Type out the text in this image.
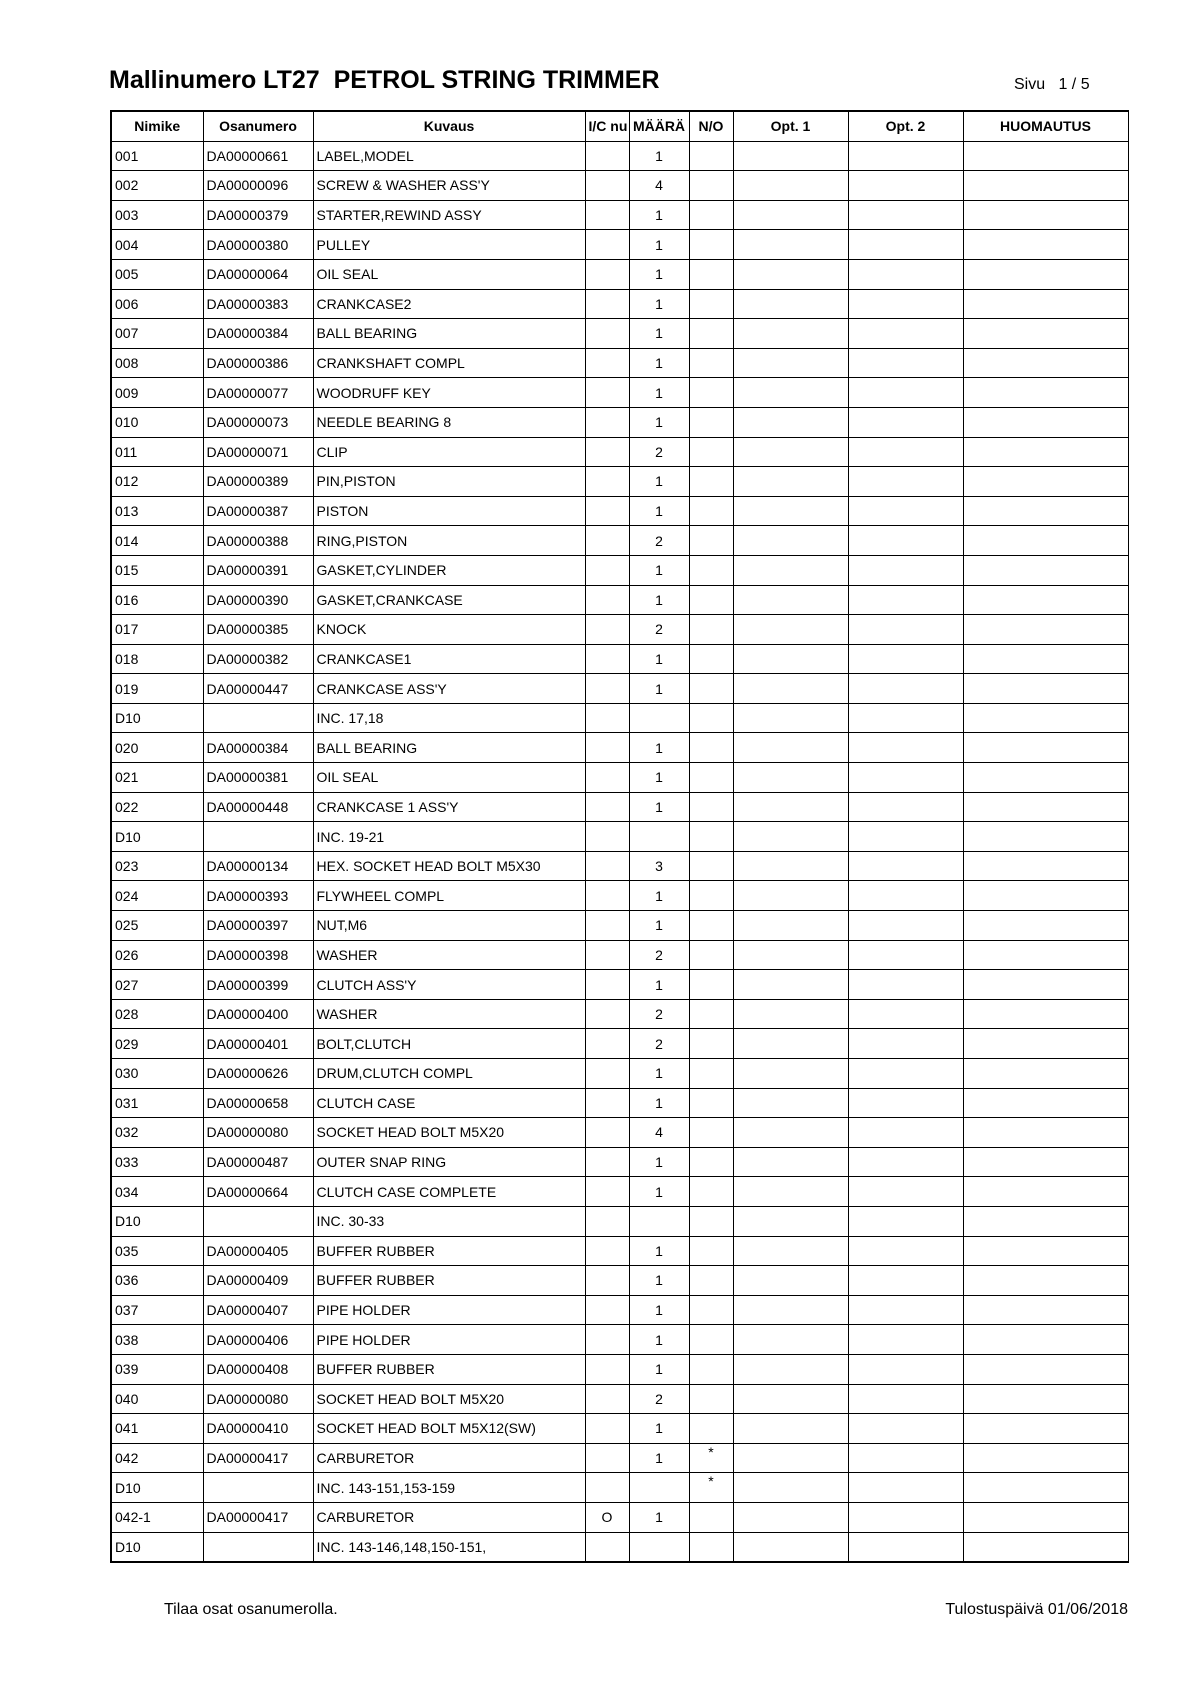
Mallinumero LT27  PETROL STRING TRIMMER	Sivu   1 / 5
Nimike	Osanumero	Kuvaus	I/C nu	MÄÄRÄ	N/O	Opt. 1	Opt. 2	HUOMAUTUS
001	DA00000661	LABEL,MODEL		1				
002	DA00000096	SCREW & WASHER ASS'Y		4				
003	DA00000379	STARTER,REWIND ASSY		1				
004	DA00000380	PULLEY		1				
005	DA00000064	OIL SEAL		1				
006	DA00000383	CRANKCASE2		1				
007	DA00000384	BALL BEARING		1				
008	DA00000386	CRANKSHAFT COMPL		1				
009	DA00000077	WOODRUFF KEY		1				
010	DA00000073	NEEDLE BEARING 8		1				
011	DA00000071	CLIP		2				
012	DA00000389	PIN,PISTON		1				
013	DA00000387	PISTON		1				
014	DA00000388	RING,PISTON		2				
015	DA00000391	GASKET,CYLINDER		1				
016	DA00000390	GASKET,CRANKCASE		1				
017	DA00000385	KNOCK		2				
018	DA00000382	CRANKCASE1		1				
019	DA00000447	CRANKCASE ASS'Y		1				
D10		INC. 17,18						
020	DA00000384	BALL BEARING		1				
021	DA00000381	OIL SEAL		1				
022	DA00000448	CRANKCASE 1 ASS'Y		1				
D10		INC. 19-21						
023	DA00000134	HEX. SOCKET HEAD BOLT M5X30		3				
024	DA00000393	FLYWHEEL COMPL		1				
025	DA00000397	NUT,M6		1				
026	DA00000398	WASHER		2				
027	DA00000399	CLUTCH ASS'Y		1				
028	DA00000400	WASHER		2				
029	DA00000401	BOLT,CLUTCH		2				
030	DA00000626	DRUM,CLUTCH COMPL		1				
031	DA00000658	CLUTCH CASE		1				
032	DA00000080	SOCKET HEAD BOLT M5X20		4				
033	DA00000487	OUTER SNAP RING		1				
034	DA00000664	CLUTCH CASE COMPLETE		1				
D10		INC. 30-33						
035	DA00000405	BUFFER RUBBER		1				
036	DA00000409	BUFFER RUBBER		1				
037	DA00000407	PIPE HOLDER		1				
038	DA00000406	PIPE HOLDER		1				
039	DA00000408	BUFFER RUBBER		1				
040	DA00000080	SOCKET HEAD BOLT M5X20		2				
041	DA00000410	SOCKET HEAD BOLT M5X12(SW)		1				
042	DA00000417	CARBURETOR		1	*			
D10		INC. 143-151,153-159			*			
042-1	DA00000417	CARBURETOR	O	1				
D10		INC. 143-146,148,150-151,						
Tilaa osat osanumerolla.	Tulostuspäivä 01/06/2018
